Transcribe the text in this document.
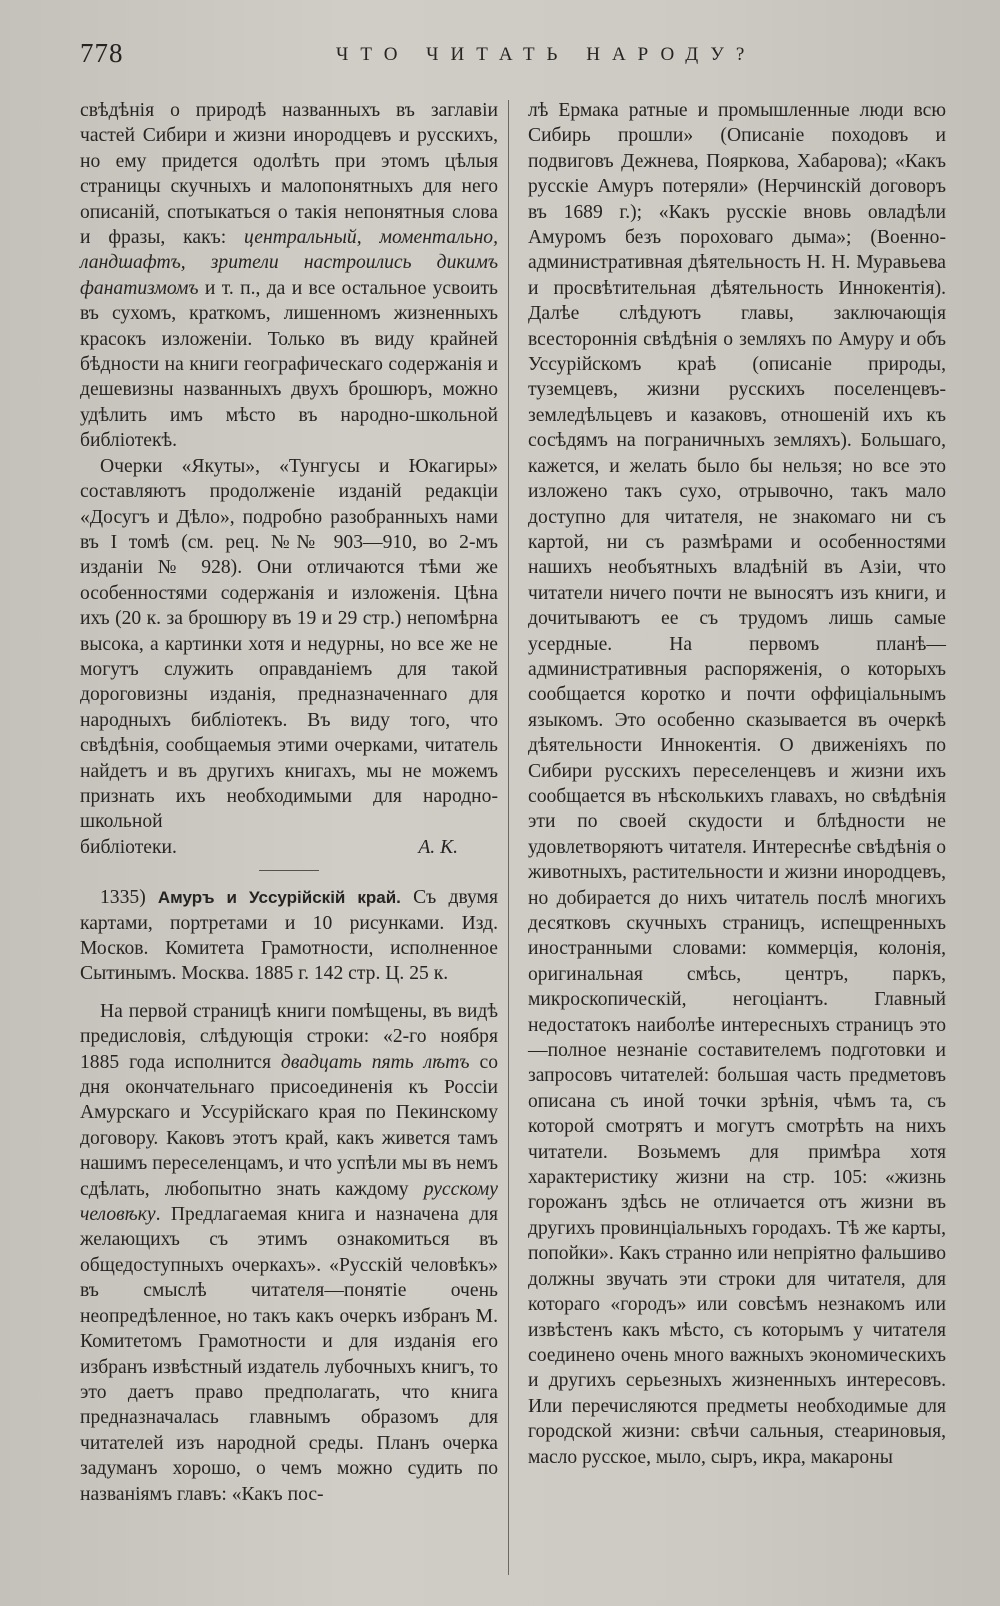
778	ЧТО ЧИТАТЬ НАРОДУ?

свѣдѣнія о природѣ названныхъ въ заглавіи частей Сибири и жизни инородцевъ и русскихъ, но ему придется одолѣть при этомъ цѣлыя страницы скучныхъ и малопонятныхъ для него описаній, спотыкаться о такія непонятныя слова и фразы, какъ: центральный, моментально, ландшафтъ, зрители настроились дикимъ фанатизмомъ и т. п., да и все остальное усвоить въ сухомъ, краткомъ, лишенномъ жизненныхъ красокъ изложеніи. Только въ виду крайней бѣдности на книги географическаго содержанія и дешевизны названныхъ двухъ брошюръ, можно удѣлить имъ мѣсто въ народно-школьной библіотекѣ.

Очерки «Якуты», «Тунгусы и Юкагиры» составляютъ продолженіе изданій редакціи «Досугъ и Дѣло», подробно разобранныхъ нами въ I томѣ (см. рец. №№ 903—910, во 2-мъ изданіи № 928). Они отличаются тѣми же особенностями содержанія и изложенія. Цѣна ихъ (20 к. за брошюру въ 19 и 29 стр.) непомѣрна высока, а картинки хотя и недурны, но все же не могутъ служить оправданіемъ для такой дороговизны изданія, предназначеннаго для народныхъ библіотекъ. Въ виду того, что свѣдѣнія, сообщаемыя этими очерками, читатель найдетъ и въ другихъ книгахъ, мы не можемъ признать ихъ необходимыми для народно-школьной

библіотеки.	А. К.

1335) Амуръ и Уссурійскій край. Съ двумя картами, портретами и 10 рисунками. Изд. Москов. Комитета Грамотности, исполненное Сытинымъ. Москва. 1885 г. 142 стр. Ц. 25 к.

На первой страницѣ книги помѣщены, въ видѣ предисловія, слѣдующія строки: «2-го ноября 1885 года исполнится двадцать пять лѣтъ со дня окончательнаго присоединенія къ Россіи Амурскаго и Уссурійскаго края по Пекинскому договору. Каковъ этотъ край, какъ живется тамъ нашимъ переселенцамъ, и что успѣли мы въ немъ сдѣлать, любопытно знать каждому русскому человѣку. Предлагаемая книга и назначена для желающихъ съ этимъ ознакомиться въ общедоступныхъ очеркахъ». «Русскій человѣкъ» въ смыслѣ читателя—понятіе очень неопредѣленное, но такъ какъ очеркъ избранъ М. Комитетомъ Грамотности и для изданія его избранъ извѣстный издатель лубочныхъ книгъ, то это даетъ право предполагать, что книга предназначалась главнымъ образомъ для читателей изъ народной среды. Планъ очерка задуманъ хорошо, о чемъ можно судить по названіямъ главъ: «Какъ пос-

лѣ Ермака ратные и промышленные люди всю Сибирь прошли» (Описаніе походовъ и подвиговъ Дежнева, Пояркова, Хабарова); «Какъ русскіе Амуръ потеряли» (Нерчинскій договоръ въ 1689 г.); «Какъ русскіе вновь овладѣли Амуромъ безъ пороховаго дыма»; (Военно-административная дѣятельность Н. Н. Муравьева и просвѣтительная дѣятельность Иннокентія). Далѣе слѣдуютъ главы, заключающія всестороннія свѣдѣнія о земляхъ по Амуру и объ Уссурійскомъ краѣ (описаніе природы, туземцевъ, жизни русскихъ поселенцевъ-земледѣльцевъ и казаковъ, отношеній ихъ къ сосѣдямъ на пограничныхъ земляхъ). Большаго, кажется, и желать было бы нельзя; но все это изложено такъ сухо, отрывочно, такъ мало доступно для читателя, не знакомаго ни съ картой, ни съ размѣрами и особенностями нашихъ необъятныхъ владѣній въ Азіи, что читатели ничего почти не выносятъ изъ книги, и дочитываютъ ее съ трудомъ лишь самые усердные. На первомъ планѣ—административныя распоряженія, о которыхъ сообщается коротко и почти оффиціальнымъ языкомъ. Это особенно сказывается въ очеркѣ дѣятельности Иннокентія. О движеніяхъ по Сибири русскихъ переселенцевъ и жизни ихъ сообщается въ нѣсколькихъ главахъ, но свѣдѣнія эти по своей скудости и блѣдности не удовлетворяютъ читателя. Интереснѣе свѣдѣнія о животныхъ, растительности и жизни инородцевъ, но добирается до нихъ читатель послѣ многихъ десятковъ скучныхъ страницъ, испещренныхъ иностранными словами: коммерція, колонія, оригинальная смѣсь, центръ, паркъ, микроскопическій, негоціантъ. Главный недостатокъ наиболѣе интересныхъ страницъ это—полное незнаніе составителемъ подготовки и запросовъ читателей: большая часть предметовъ описана съ иной точки зрѣнія, чѣмъ та, съ которой смотрятъ и могутъ смотрѣть на нихъ читатели. Возьмемъ для примѣра хотя характеристику жизни на стр. 105: «жизнь горожанъ здѣсь не отличается отъ жизни въ другихъ провинціальныхъ городахъ. Тѣ же карты, попойки». Какъ странно или непріятно фальшиво должны звучать эти строки для читателя, для котораго «городъ» или совсѣмъ незнакомъ или извѣстенъ какъ мѣсто, съ которымъ у читателя соединено очень много важныхъ экономическихъ и другихъ серьезныхъ жизненныхъ интересовъ. Или перечисляются предметы необходимые для городской жизни: свѣчи сальныя, стеариновыя, масло русское, мыло, сыръ, икра, макароны
